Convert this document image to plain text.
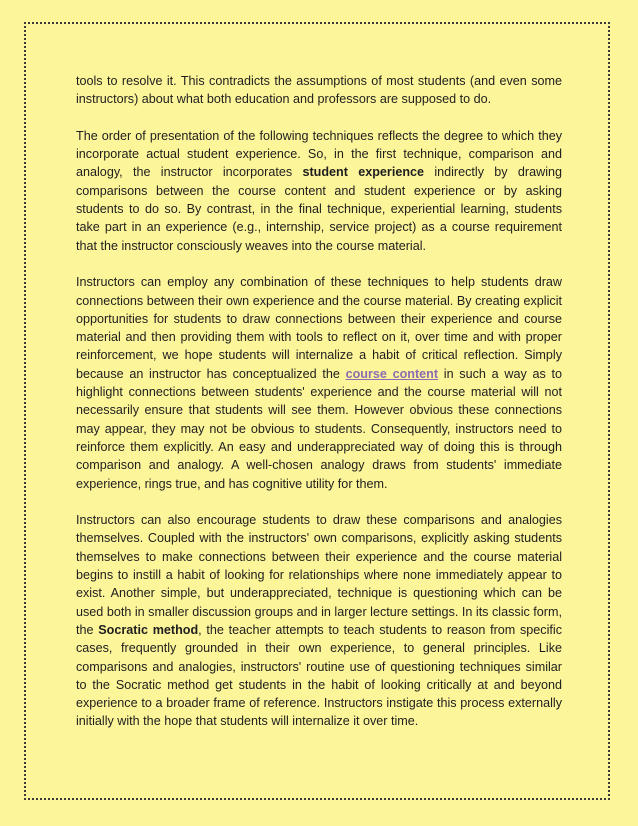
tools to resolve it. This contradicts the assumptions of most students (and even some instructors) about what both education and professors are supposed to do.

The order of presentation of the following techniques reflects the degree to which they incorporate actual student experience. So, in the first technique, comparison and analogy, the instructor incorporates student experience indirectly by drawing comparisons between the course content and student experience or by asking students to do so. By contrast, in the final technique, experiential learning, students take part in an experience (e.g., internship, service project) as a course requirement that the instructor consciously weaves into the course material.

Instructors can employ any combination of these techniques to help students draw connections between their own experience and the course material. By creating explicit opportunities for students to draw connections between their experience and course material and then providing them with tools to reflect on it, over time and with proper reinforcement, we hope students will internalize a habit of critical reflection. Simply because an instructor has conceptualized the course content in such a way as to highlight connections between students' experience and the course material will not necessarily ensure that students will see them. However obvious these connections may appear, they may not be obvious to students. Consequently, instructors need to reinforce them explicitly. An easy and underappreciated way of doing this is through comparison and analogy. A well-chosen analogy draws from students' immediate experience, rings true, and has cognitive utility for them.

Instructors can also encourage students to draw these comparisons and analogies themselves. Coupled with the instructors' own comparisons, explicitly asking students themselves to make connections between their experience and the course material begins to instill a habit of looking for relationships where none immediately appear to exist. Another simple, but underappreciated, technique is questioning which can be used both in smaller discussion groups and in larger lecture settings. In its classic form, the Socratic method, the teacher attempts to teach students to reason from specific cases, frequently grounded in their own experience, to general principles. Like comparisons and analogies, instructors' routine use of questioning techniques similar to the Socratic method get students in the habit of looking critically at and beyond experience to a broader frame of reference. Instructors instigate this process externally initially with the hope that students will internalize it over time.
